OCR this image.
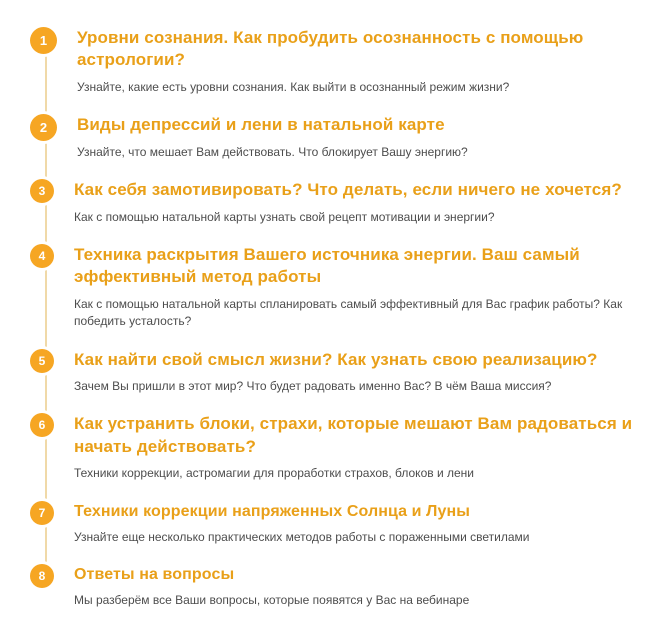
1	Уровни сознания. Как пробудить осознанность с помощью астрологии?

Узнайте, какие есть уровни сознания. Как выйти в осознанный режим жизни?

2	Виды депрессий и лени в натальной карте

Узнайте, что мешает Вам действовать. Что блокирует Вашу энергию?

3	Как себя замотивировать? Что делать, если ничего не хочется?

Как с помощью натальной карты узнать свой рецепт мотивации и энергии?

4	Техника раскрытия Вашего источника энергии. Ваш самый эффективный метод работы

Как с помощью натальной карты спланировать самый эффективный для Вас график работы? Как победить усталость?

5	Как найти свой смысл жизни? Как узнать свою реализацию?

Зачем Вы пришли в этот мир? Что будет радовать именно Вас? В чём Ваша миссия?

6	Как устранить блоки, страхи, которые мешают Вам радоваться и начать действовать?

Техники коррекции, астромагии для проработки страхов, блоков и лени

7	Техники коррекции напряженных Солнца и Луны

Узнайте еще несколько практических методов работы с пораженными светилами

8	Ответы на вопросы

Мы разберём все Ваши вопросы, которые появятся у Вас на вебинаре
